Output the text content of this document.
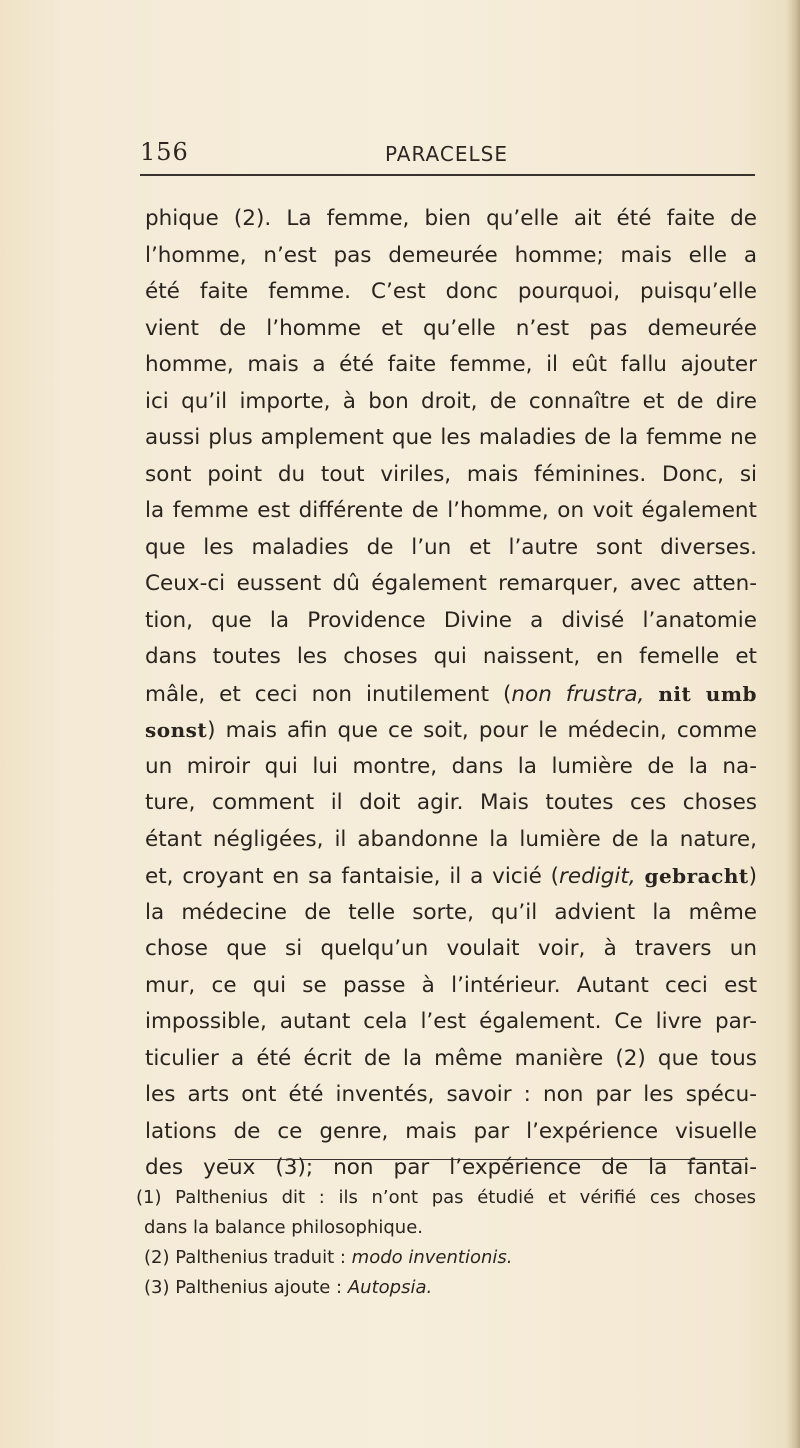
156	PARACELSE
phique (2). La femme, bien qu’elle ait été faite de
l’homme, n’est pas demeurée homme; mais elle a
été faite femme. C’est donc pourquoi, puisqu’elle
vient de l’homme et qu’elle n’est pas demeurée
homme, mais a été faite femme, il eût fallu ajouter
ici qu’il importe, à bon droit, de connaître et de dire
aussi plus amplement que les maladies de la femme ne
sont point du tout viriles, mais féminines. Donc, si
la femme est différente de l’homme, on voit également
que les maladies de l’un et l’autre sont diverses.
Ceux-ci eussent dû également remarquer, avec atten-
tion, que la Providence Divine a divisé l’anatomie
dans toutes les choses qui naissent, en femelle et
mâle, et ceci non inutilement (non frustra, nit umb
sonst) mais afin que ce soit, pour le médecin, comme
un miroir qui lui montre, dans la lumière de la na-
ture, comment il doit agir. Mais toutes ces choses
étant négligées, il abandonne la lumière de la nature,
et, croyant en sa fantaisie, il a vicié (redigit, gebracht)
la médecine de telle sorte, qu’il advient la même
chose que si quelqu’un voulait voir, à travers un
mur, ce qui se passe à l’intérieur. Autant ceci est
impossible, autant cela l’est également. Ce livre par-
ticulier a été écrit de la même manière (2) que tous
les arts ont été inventés, savoir : non par les spécu-
lations de ce genre, mais par l’expérience visuelle
des yeux (3); non par l’expérience de la fantai-
(1) Palthenius dit : ils n’ont pas étudié et vérifié ces choses
dans la balance philosophique.
(2) Palthenius traduit : modo inventionis.
(3) Palthenius ajoute : Autopsia.
